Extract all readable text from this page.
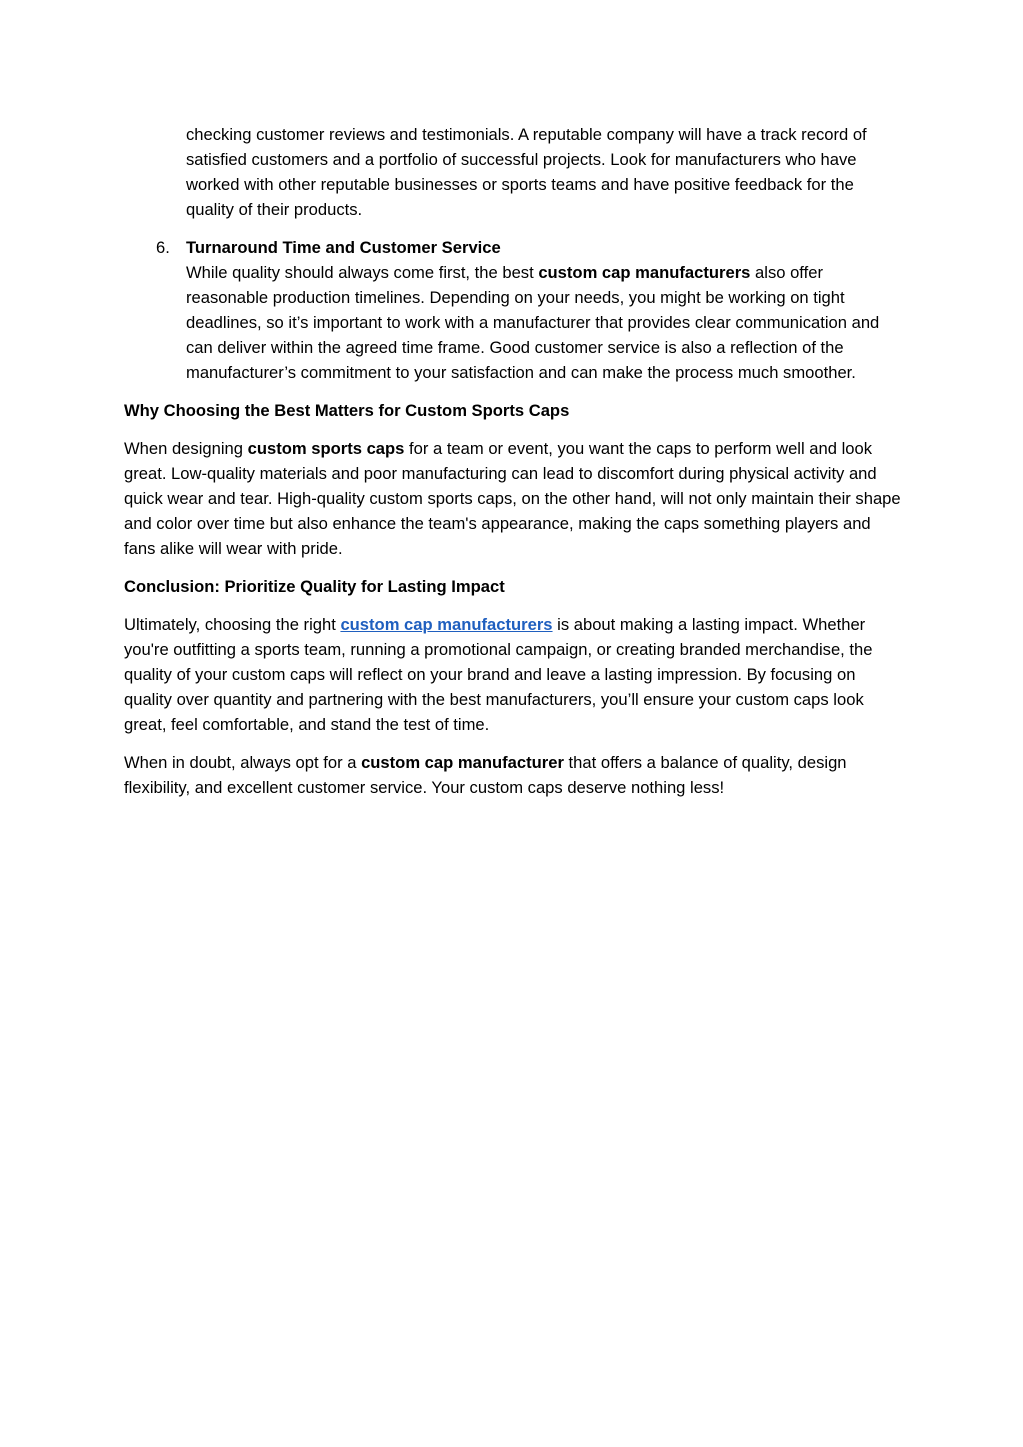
checking customer reviews and testimonials. A reputable company will have a track record of satisfied customers and a portfolio of successful projects. Look for manufacturers who have worked with other reputable businesses or sports teams and have positive feedback for the quality of their products.

6. Turnaround Time and Customer Service

While quality should always come first, the best custom cap manufacturers also offer reasonable production timelines. Depending on your needs, you might be working on tight deadlines, so it’s important to work with a manufacturer that provides clear communication and can deliver within the agreed time frame. Good customer service is also a reflection of the manufacturer’s commitment to your satisfaction and can make the process much smoother.

Why Choosing the Best Matters for Custom Sports Caps

When designing custom sports caps for a team or event, you want the caps to perform well and look great. Low-quality materials and poor manufacturing can lead to discomfort during physical activity and quick wear and tear. High-quality custom sports caps, on the other hand, will not only maintain their shape and color over time but also enhance the team's appearance, making the caps something players and fans alike will wear with pride.

Conclusion: Prioritize Quality for Lasting Impact

Ultimately, choosing the right custom cap manufacturers is about making a lasting impact. Whether you're outfitting a sports team, running a promotional campaign, or creating branded merchandise, the quality of your custom caps will reflect on your brand and leave a lasting impression. By focusing on quality over quantity and partnering with the best manufacturers, you’ll ensure your custom caps look great, feel comfortable, and stand the test of time.

When in doubt, always opt for a custom cap manufacturer that offers a balance of quality, design flexibility, and excellent customer service. Your custom caps deserve nothing less!
